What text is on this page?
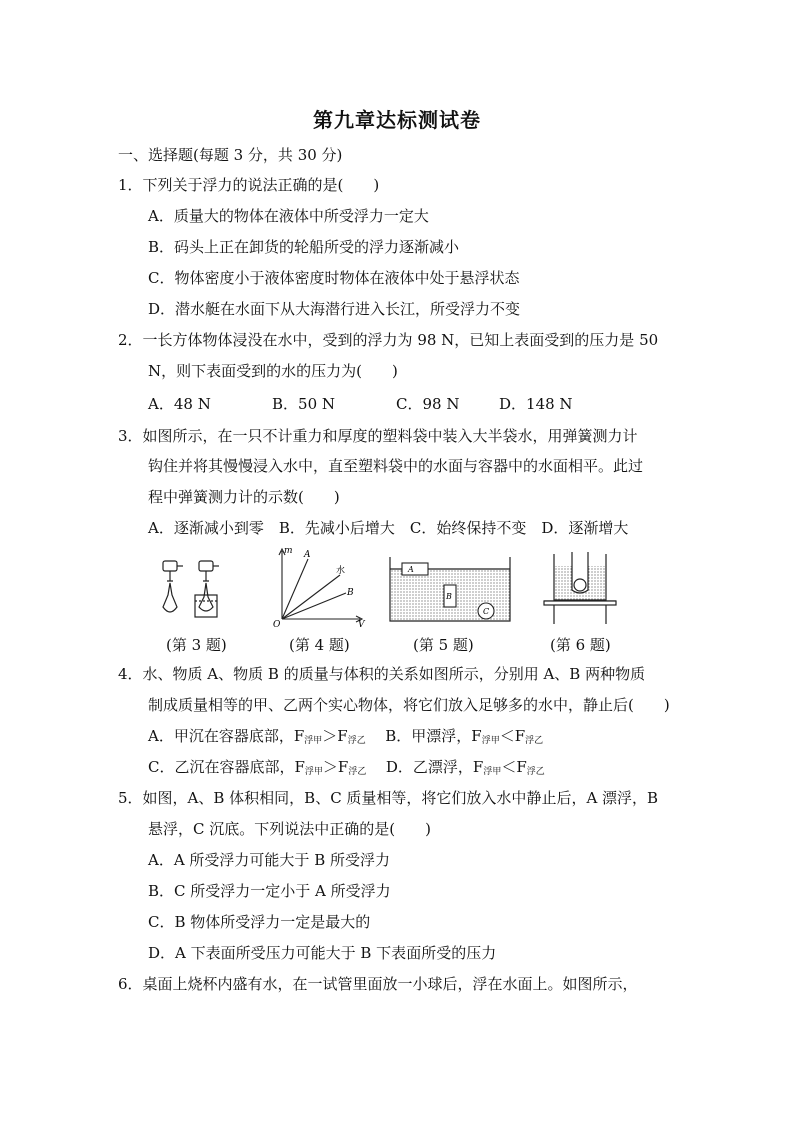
第九章达标测试卷
一、选择题(每题 3 分，共 30 分)
1．下列关于浮力的说法正确的是(　　)
A．质量大的物体在液体中所受浮力一定大
B．码头上正在卸货的轮船所受的浮力逐渐减小
C．物体密度小于液体密度时物体在液体中处于悬浮状态
D．潜水艇在水面下从大海潜行进入长江，所受浮力不变
2．一长方体物体浸没在水中，受到的浮力为 98 N，已知上表面受到的压力是 50
N，则下表面受到的水的压力为(　　)
A．48 N	B．50 N	C．98 N	D．148 N
3．如图所示，在一只不计重力和厚度的塑料袋中装入大半袋水，用弹簧测力计
钩住并将其慢慢浸入水中，直至塑料袋中的水面与容器中的水面相平。此过
程中弹簧测力计的示数(　　)
A．逐渐减小到零　B．先减小后增大　C．始终保持不变　D．逐渐增大
m
V
O
A
水
B
A
B
C
(第 3 题)	(第 4 题)	(第 5 题)	(第 6 题)
4．水、物质 A、物质 B 的质量与体积的关系如图所示，分别用 A、B 两种物质
制成质量相等的甲、乙两个实心物体，将它们放入足够多的水中，静止后(　　)
A．甲沉在容器底部，$F_{浮甲}>F_{浮乙}$ B．甲漂浮，$F_{浮甲}<F_{浮乙}$
C．乙沉在容器底部，$F_{浮甲}>F_{浮乙}$ D．乙漂浮，$F_{浮甲}<F_{浮乙}$
5．如图，A、B 体积相同，B、C 质量相等，将它们放入水中静止后，A 漂浮，B
悬浮，C 沉底。下列说法中正确的是(　　)
A．A 所受浮力可能大于 B 所受浮力
B．C 所受浮力一定小于 A 所受浮力
C．B 物体所受浮力一定是最大的
D．A 下表面所受压力可能大于 B 下表面所受的压力
6．桌面上烧杯内盛有水，在一试管里面放一小球后，浮在水面上。如图所示，
